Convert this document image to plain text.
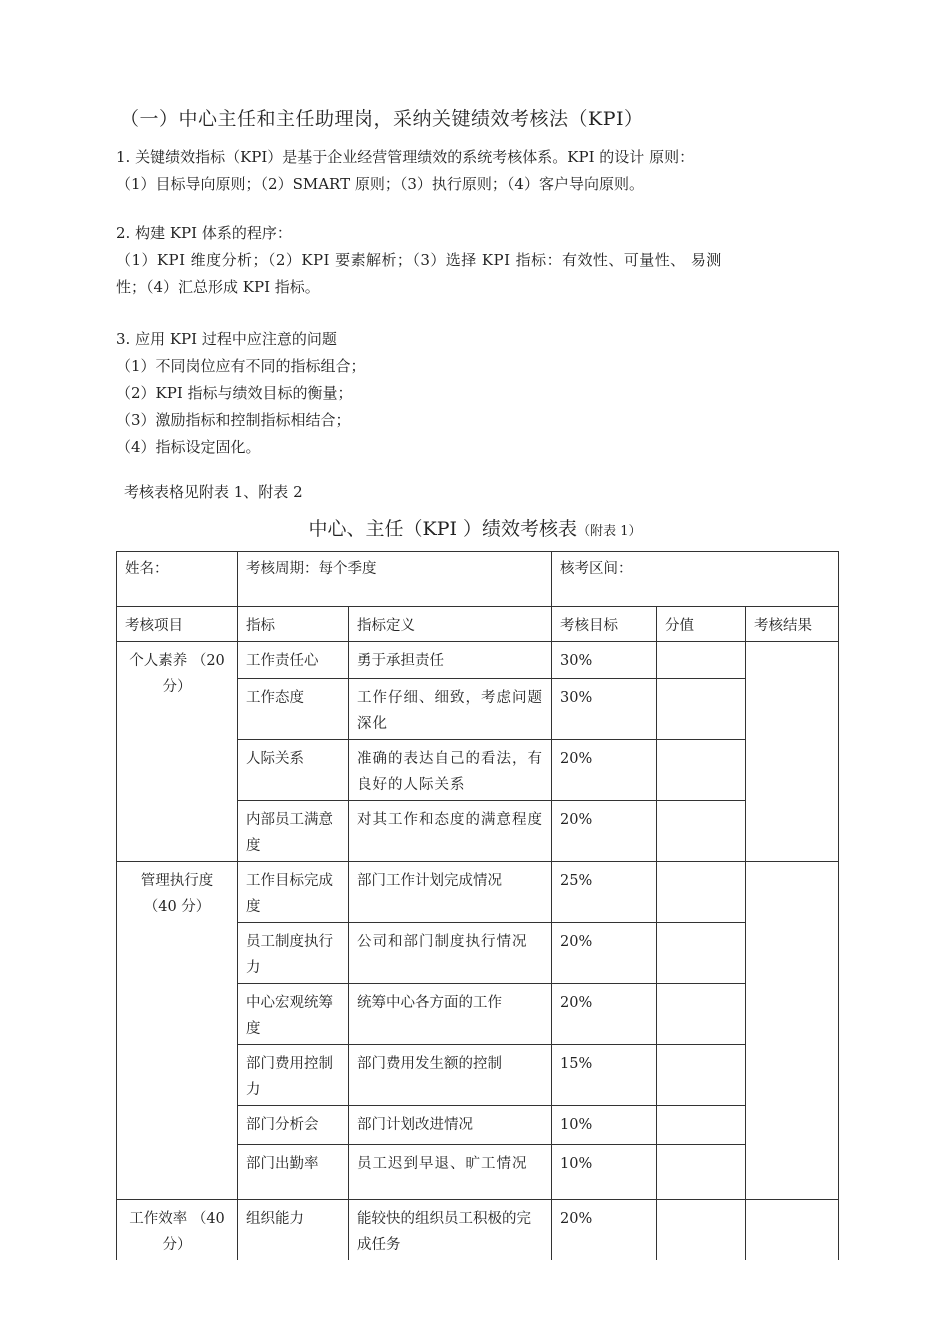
（一）中心主任和主任助理岗，采纳关键绩效考核法（KPI）
1. 关键绩效指标（KPI）是基于企业经营管理绩效的系统考核体系。KPI 的设计 原则：
（1）目标导向原则；（2）SMART 原则；（3）执行原则；（4）客户导向原则。
2. 构建 KPI 体系的程序：
（1）KPI 维度分析；（2）KPI 要素解析；（3）选择 KPI 指标：有效性、可量性、 易测
性；（4）汇总形成 KPI 指标。
3. 应用 KPI 过程中应注意的问题
（1）不同岗位应有不同的指标组合；
（2）KPI 指标与绩效目标的衡量；
（3）激励指标和控制指标相结合；
（4）指标设定固化。
考核表格见附表 1、附表 2
中心、主任（KPI ）绩效考核表（附表 1）
姓名：	考核周期：每个季度		核考区间：		
考核项目	指标	指标定义	考核目标	分值	考核结果
个人素养 （20 分）	工作责任心	勇于承担责任	30%		
	工作态度	工作仔细、细致，考虑问题深化	30%		
	人际关系	准确的表达自己的看法，有良好的人际关系	20%		
	内部员工满意度	对其工作和态度的满意程度	20%		
管理执行度 （40 分）	工作目标完成度	部门工作计划完成情况	25%		
	员工制度执行力	公司和部门制度执行情况	20%		
	中心宏观统筹度	统筹中心各方面的工作	20%		
	部门费用控制力	部门费用发生额的控制	15%		
	部门分析会	部门计划改进情况	10%		
	部门出勤率	员工迟到早退、旷工情况	10%		
工作效率 （40 分）	组织能力	能较快的组织员工积极的完成任务	20%		
